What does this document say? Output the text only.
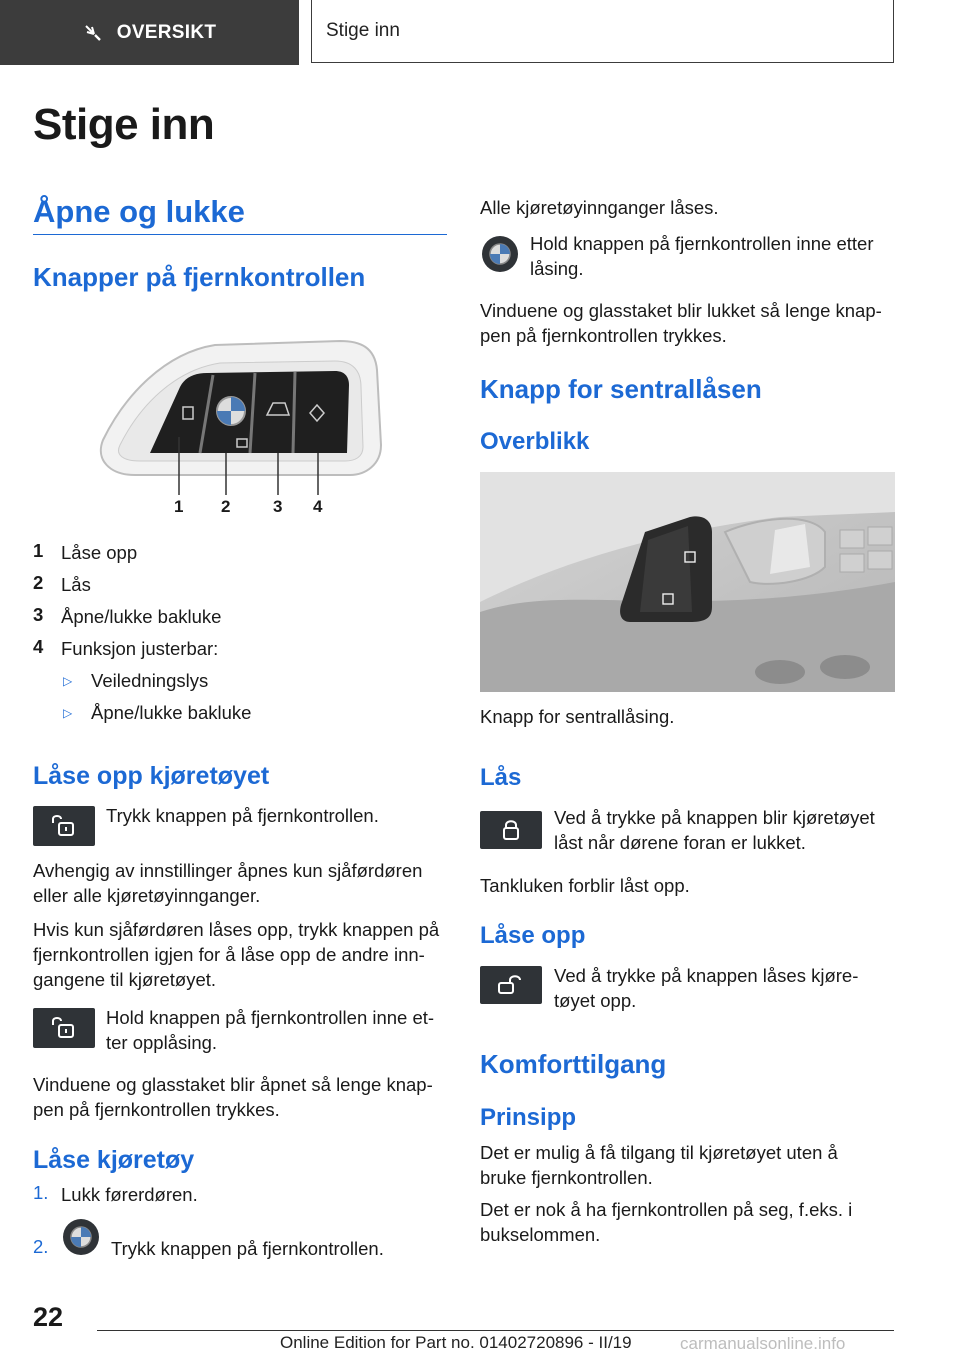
OVERSIKT	Stige inn
Stige inn
Åpne og lukke
Knapper på fjernkontrollen
1 2	3 4
1 Låse opp
2 Lås
3 Åpne/lukke bakluke
4 Funksjon justerbar:
▷	Veiledningslys
▷	Åpne/lukke bakluke
Låse opp kjøretøyet
Trykk knappen på fjernkontrollen.
Avhengig av innstillinger åpnes kun sjåførdøren eller alle kjøretøyinnganger.
Hvis kun sjåførdøren låses opp, trykk knappen på
fjernkontrollen igjen for å låse opp de andre inn-
gangene til kjøretøyet.
Hold knappen på fjernkontrollen inne et-
ter opplåsing.
Vinduene og glasstaket blir åpnet så lenge knap-
pen på fjernkontrollen trykkes.
Låse kjøretøy
1. Lukk førerdøren.
2.	Trykk knappen på fjernkontrollen.
Alle kjøretøyinnganger låses.
Hold knappen på fjernkontrollen inne etter
låsing.
Vinduene og glasstaket blir lukket så lenge knap-
pen på fjernkontrollen trykkes.
Knapp for sentrallåsen
Overblikk
Knapp for sentrallåsing.
Lås
Ved å trykke på knappen blir kjøretøyet
låst når dørene foran er lukket.
Tankluken forblir låst opp.
Låse opp
Ved å trykke på knappen låses kjøre-
tøyet opp.
Komforttilgang
Prinsipp
Det er mulig å få tilgang til kjøretøyet uten å
bruke fjernkontrollen.
Det er nok å ha fjernkontrollen på seg, f.eks. i
bukselommen.
22
Online Edition for Part no. 01402720896 - II/19	carmanualsonline.info
